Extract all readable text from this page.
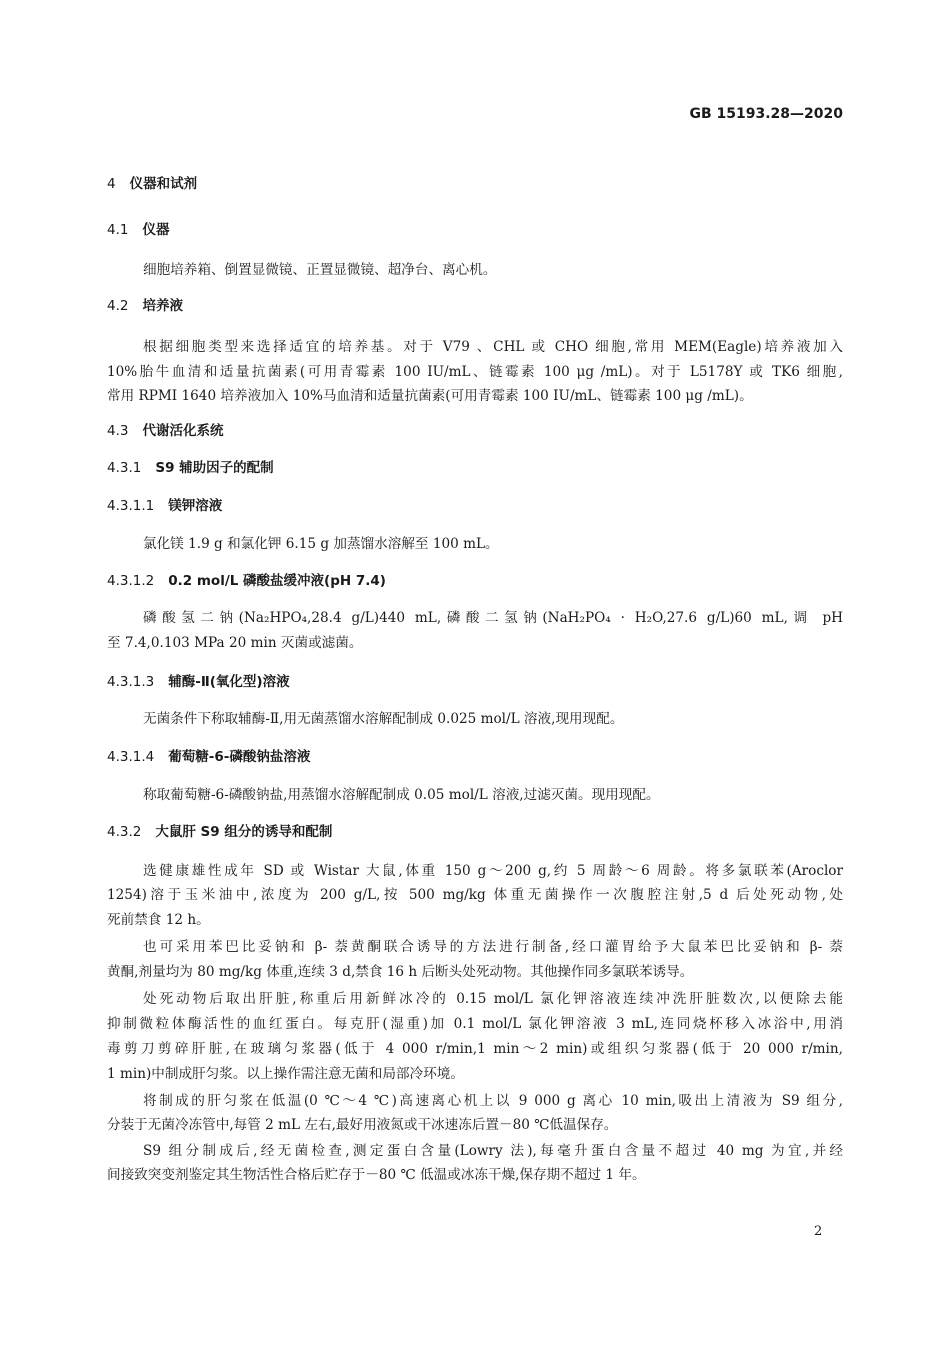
GB 15193.28—2020
4 仪器和试剂
4.1 仪器
细胞培养箱、倒置显微镜、正置显微镜、超净台、离心机。
4.2 培养液
根据细胞类型来选择适宜的培养基。对于 V79 、CHL 或 CHO 细胞,常用 MEM(Eagle)培养液加入
10%胎牛血清和适量抗菌素(可用青霉素 100 IU/mL、链霉素 100 μg /mL)。对于 L5178Y 或 TK6 细胞,
常用 RPMI 1640 培养液加入 10%马血清和适量抗菌素(可用青霉素 100 IU/mL、链霉素 100 μg /mL)。
4.3 代谢活化系统
4.3.1 S9 辅助因子的配制
4.3.1.1 镁钾溶液
氯化镁 1.9 g 和氯化钾 6.15 g 加蒸馏水溶解至 100 mL。
4.3.1.2 0.2 mol/L 磷酸盐缓冲液(pH 7.4)
磷酸氢二钠(Na₂HPO₄,28.4 g/L)440 mL,磷酸二氢钠(NaH₂PO₄ · H₂O,27.6 g/L)60 mL,调 pH
至 7.4,0.103 MPa 20 min 灭菌或滤菌。
4.3.1.3 辅酶-Ⅱ(氧化型)溶液
无菌条件下称取辅酶-Ⅱ,用无菌蒸馏水溶解配制成 0.025 mol/L 溶液,现用现配。
4.3.1.4 葡萄糖-6-磷酸钠盐溶液
称取葡萄糖-6-磷酸钠盐,用蒸馏水溶解配制成 0.05 mol/L 溶液,过滤灭菌。现用现配。
4.3.2 大鼠肝 S9 组分的诱导和配制
选健康雄性成年 SD 或 Wistar 大鼠,体重 150 g～200 g,约 5 周龄～6 周龄。将多氯联苯(Aroclor
1254)溶于玉米油中,浓度为 200 g/L,按 500 mg/kg 体重无菌操作一次腹腔注射,5 d 后处死动物,处
死前禁食 12 h。
也可采用苯巴比妥钠和 β- 萘黄酮联合诱导的方法进行制备,经口灌胃给予大鼠苯巴比妥钠和 β- 萘
黄酮,剂量均为 80 mg/kg 体重,连续 3 d,禁食 16 h 后断头处死动物。其他操作同多氯联苯诱导。
处死动物后取出肝脏,称重后用新鲜冰冷的 0.15 mol/L 氯化钾溶液连续冲洗肝脏数次,以便除去能
抑制微粒体酶活性的血红蛋白。每克肝(湿重)加 0.1 mol/L 氯化钾溶液 3 mL,连同烧杯移入冰浴中,用消
毒剪刀剪碎肝脏,在玻璃匀浆器(低于 4 000 r/min,1 min～2 min)或组织匀浆器(低于 20 000 r/min,
1 min)中制成肝匀浆。以上操作需注意无菌和局部冷环境。
将制成的肝匀浆在低温(0 ℃～4 ℃)高速离心机上以 9 000 g 离心 10 min,吸出上清液为 S9 组分,
分装于无菌冷冻管中,每管 2 mL 左右,最好用液氮或干冰速冻后置－80 ℃低温保存。
S9 组分制成后,经无菌检查,测定蛋白含量(Lowry 法),每毫升蛋白含量不超过 40 mg 为宜,并经
间接致突变剂鉴定其生物活性合格后贮存于－80 ℃ 低温或冰冻干燥,保存期不超过 1 年。
2
